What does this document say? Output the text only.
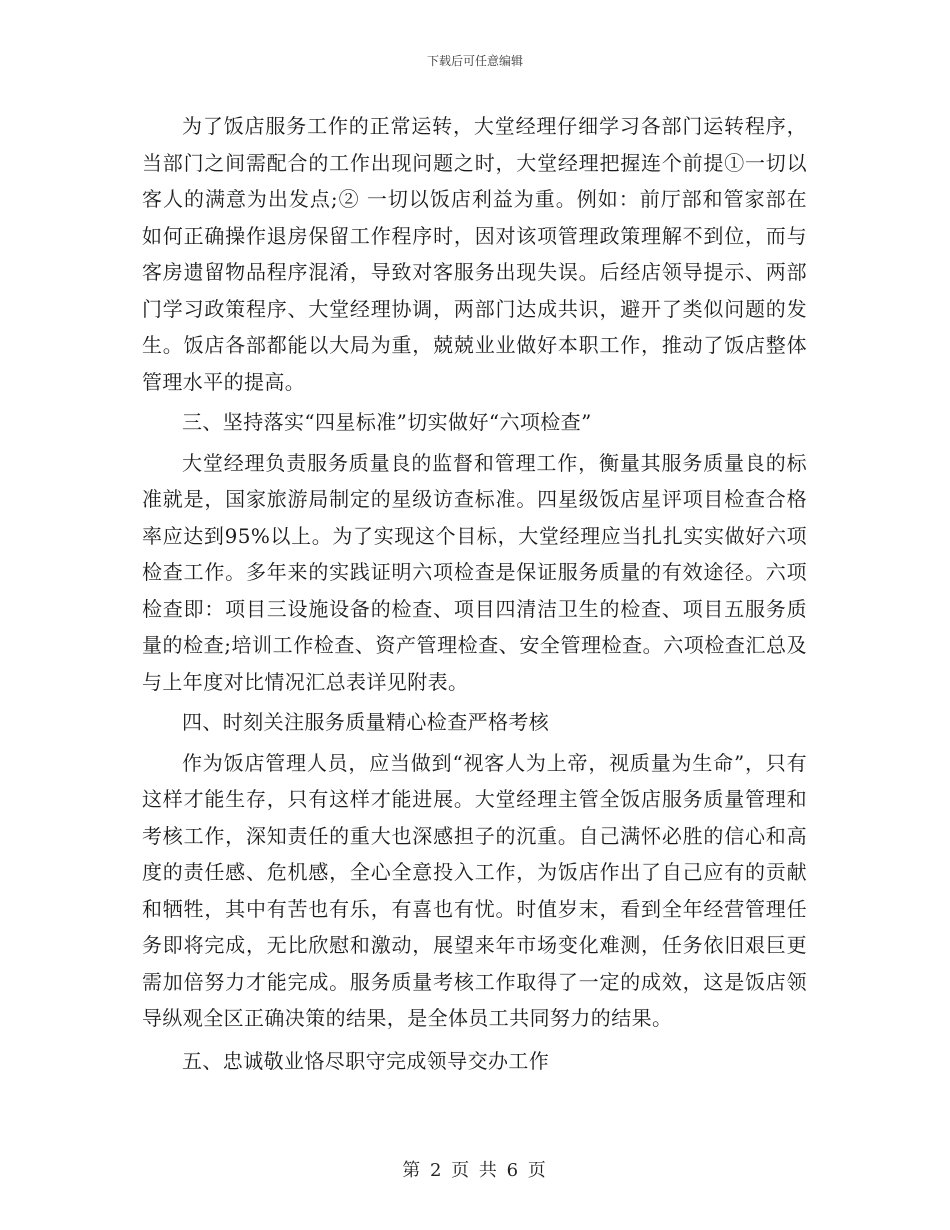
下载后可任意编辑

为了饭店服务工作的正常运转，大堂经理仔细学习各部门运转程序，当部门之间需配合的工作出现问题之时，大堂经理把握连个前提①一切以客人的满意为出发点;② 一切以饭店利益为重。例如：前厅部和管家部在如何正确操作退房保留工作程序时，因对该项管理政策理解不到位，而与客房遗留物品程序混淆，导致对客服务出现失误。后经店领导提示、两部门学习政策程序、大堂经理协调，两部门达成共识，避开了类似问题的发生。饭店各部都能以大局为重，兢兢业业做好本职工作，推动了饭店整体管理水平的提高。

三、坚持落实“四星标准”切实做好“六项检查”

大堂经理负责服务质量良的监督和管理工作，衡量其服务质量良的标准就是，国家旅游局制定的星级访查标准。四星级饭店星评项目检查合格率应达到95%以上。为了实现这个目标，大堂经理应当扎扎实实做好六项检查工作。多年来的实践证明六项检查是保证服务质量的有效途径。六项检查即：项目三设施设备的检查、项目四清洁卫生的检查、项目五服务质量的检查;培训工作检查、资产管理检查、安全管理检查。六项检查汇总及与上年度对比情况汇总表详见附表。

四、时刻关注服务质量精心检查严格考核

作为饭店管理人员，应当做到“视客人为上帝，视质量为生命”，只有这样才能生存，只有这样才能进展。大堂经理主管全饭店服务质量管理和考核工作，深知责任的重大也深感担子的沉重。自己满怀必胜的信心和高度的责任感、危机感，全心全意投入工作，为饭店作出了自己应有的贡献和牺牲，其中有苦也有乐，有喜也有忧。时值岁末，看到全年经营管理任务即将完成，无比欣慰和激动，展望来年市场变化难测，任务依旧艰巨更需加倍努力才能完成。服务质量考核工作取得了一定的成效，这是饭店领导纵观全区正确决策的结果，是全体员工共同努力的结果。

五、忠诚敬业恪尽职守完成领导交办工作

第 2 页 共 6 页
